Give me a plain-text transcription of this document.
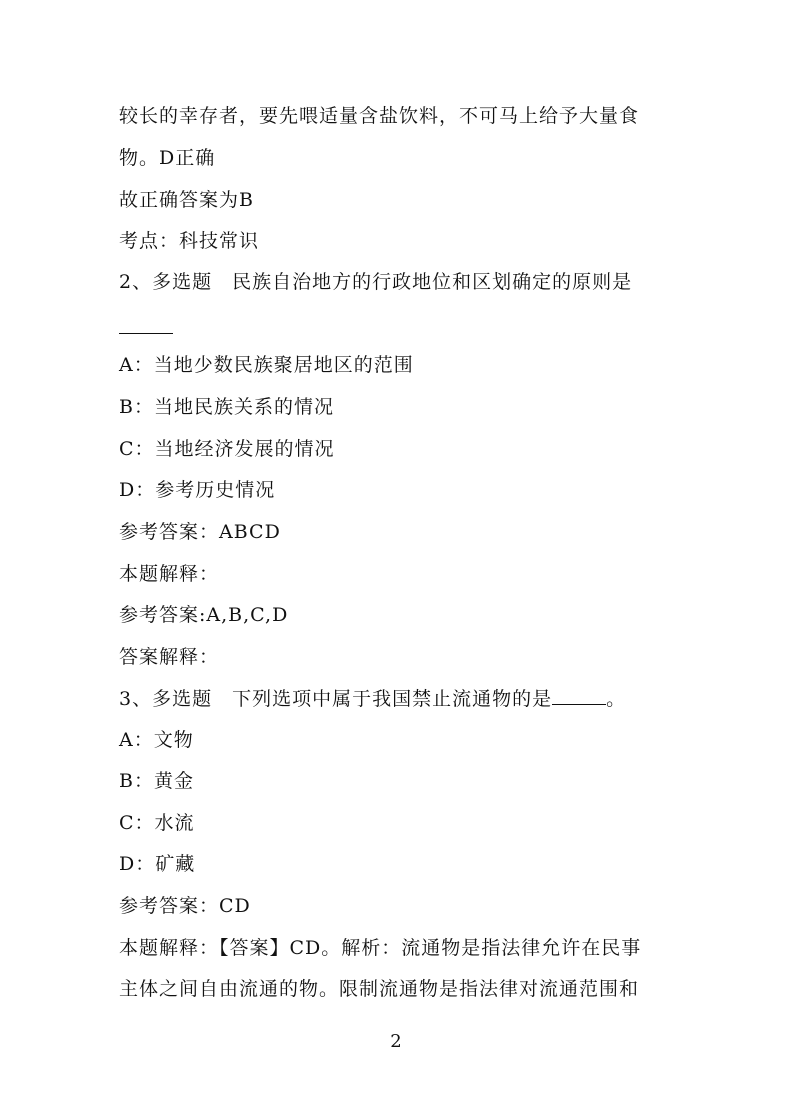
较长的幸存者，要先喂适量含盐饮料，不可马上给予大量食
物。D正确
故正确答案为B
考点：科技常识
2、多选题　民族自治地方的行政地位和区划确定的原则是
A：当地少数民族聚居地区的范围
B：当地民族关系的情况
C：当地经济发展的情况
D：参考历史情况
参考答案：ABCD
本题解释：
参考答案:A,B,C,D
答案解释：
3、多选题　下列选项中属于我国禁止流通物的是	。
A：文物
B：黄金
C：水流
D：矿藏
参考答案：CD
本题解释：【答案】CD。解析：流通物是指法律允许在民事
主体之间自由流通的物。限制流通物是指法律对流通范围和
2
